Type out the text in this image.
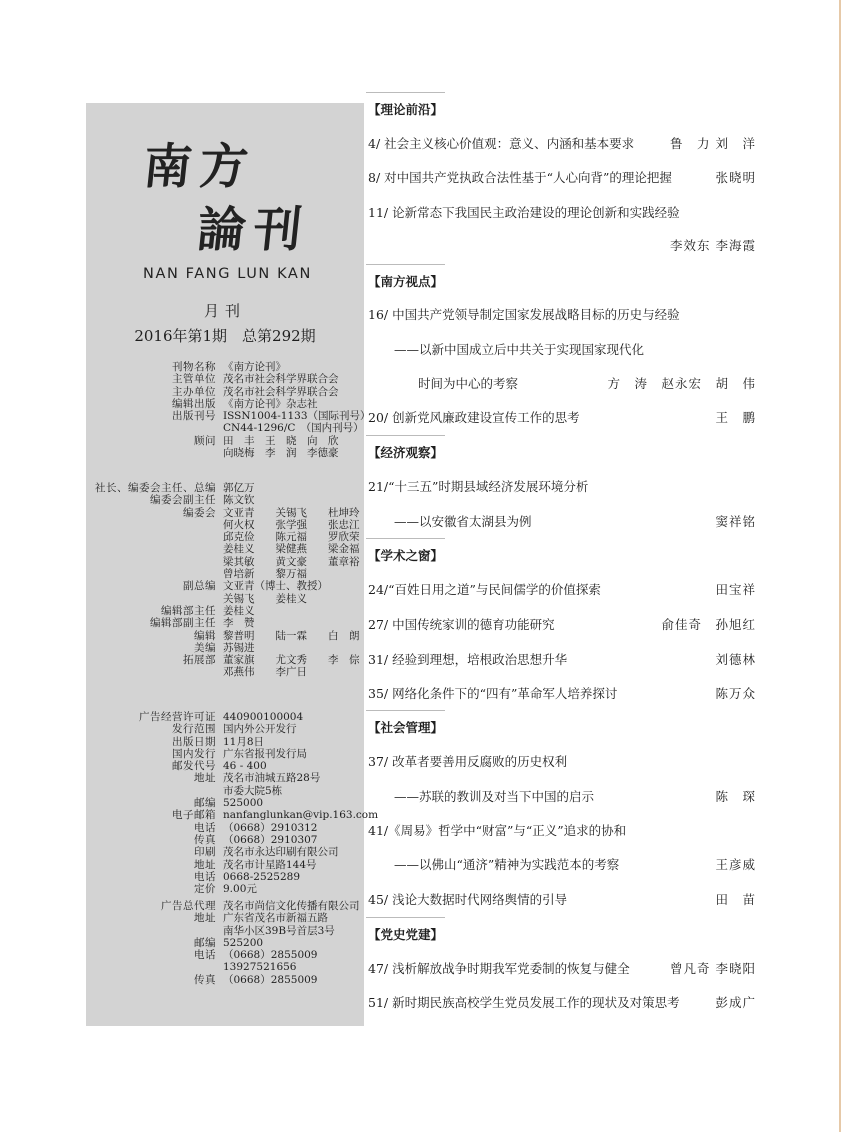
南方
論刊
NAN FANG LUN KAN
月刊
2016年第1期　总第292期
刊物名称 《南方论刊》
主管单位 茂名市社会科学界联合会
主办单位 茂名市社会科学界联合会
编辑出版 《南方论刊》杂志社
出版刊号 ISSN1004-1133（国际刊号）
CN44-1296/C　（国内刊号）
顾问 田　丰　王　晓　向　欣
向晓梅　李　润　李德豪
社长、编委会主任、总编 郭亿万
编委会副主任 陈文钦
编委会 文亚青　　关锡飞　　杜坤玲
何火权　　张学强　　张忠江
邱克俭　　陈元福　　罗欣荣
姜桂义　　梁健燕　　梁金福
梁其敏　　黄文豪　　董章裕
曾培新　　黎万福
副总编 文亚青（博士、教授）
关锡飞　　姜桂义
编辑部主任 姜桂义
编辑部副主任 李　赞
编辑 黎普明　　陆一霖　　白　朗
美编 苏锡进
拓展部 董家旗　　尤文秀　　李　倧
邓燕伟　　李广日
广告经营许可证 440900100004
发行范围 国内外公开发行
出版日期 11月8日
国内发行 广东省报刊发行局
邮发代号 46 - 400
地址 茂名市油城五路28号
市委大院5栋
邮编 525000
电子邮箱 nanfanglunkan@vip.163.com
电话 （0668）2910312
传真 （0668）2910307
印刷 茂名市永达印刷有限公司
地址 茂名市计星路144号
电话 0668-2525289
定价 9.00元
广告总代理 茂名市尚信文化传播有限公司
地址 广东省茂名市新福五路
南华小区39B号首层3号
邮编 525200
电话 （0668）2855009
13927521656
传真 （0668）2855009
【理论前沿】
4/ 社会主义核心价值观：意义、内涵和基本要求	鲁　力 刘　洋
8/ 对中国共产党执政合法性基于“人心向背”的理论把握	张晓明
11/ 论新常态下我国民主政治建设的理论创新和实践经验
李效东 李海霞
【南方视点】
16/ 中国共产党领导制定国家发展战略目标的历史与经验
——以新中国成立后中共关于实现国家现代化
时间为中心的考察	方　涛　赵永宏　胡　伟
20/ 创新党风廉政建设宣传工作的思考	王　鹏
【经济观察】
21/“十三五”时期县域经济发展环境分析
——以安徽省太湖县为例	窦祥铭
【学术之窗】
24/“百姓日用之道”与民间儒学的价值探索	田宝祥
27/ 中国传统家训的德育功能研究	俞佳奇　孙旭红
31/ 经验到理想，培根政治思想升华	刘德林
35/ 网络化条件下的“四有”革命军人培养探讨	陈万众
【社会管理】
37/ 改革者要善用反腐败的历史权利
——苏联的教训及对当下中国的启示	陈　琛
41/《周易》哲学中“财富”与“正义”追求的协和
——以佛山“通济”精神为实践范本的考察	王彦威
45/ 浅论大数据时代网络舆情的引导	田　苗
【党史党建】
47/ 浅析解放战争时期我军党委制的恢复与健全	曾凡奇 李晓阳
51/ 新时期民族高校学生党员发展工作的现状及对策思考	彭成广
